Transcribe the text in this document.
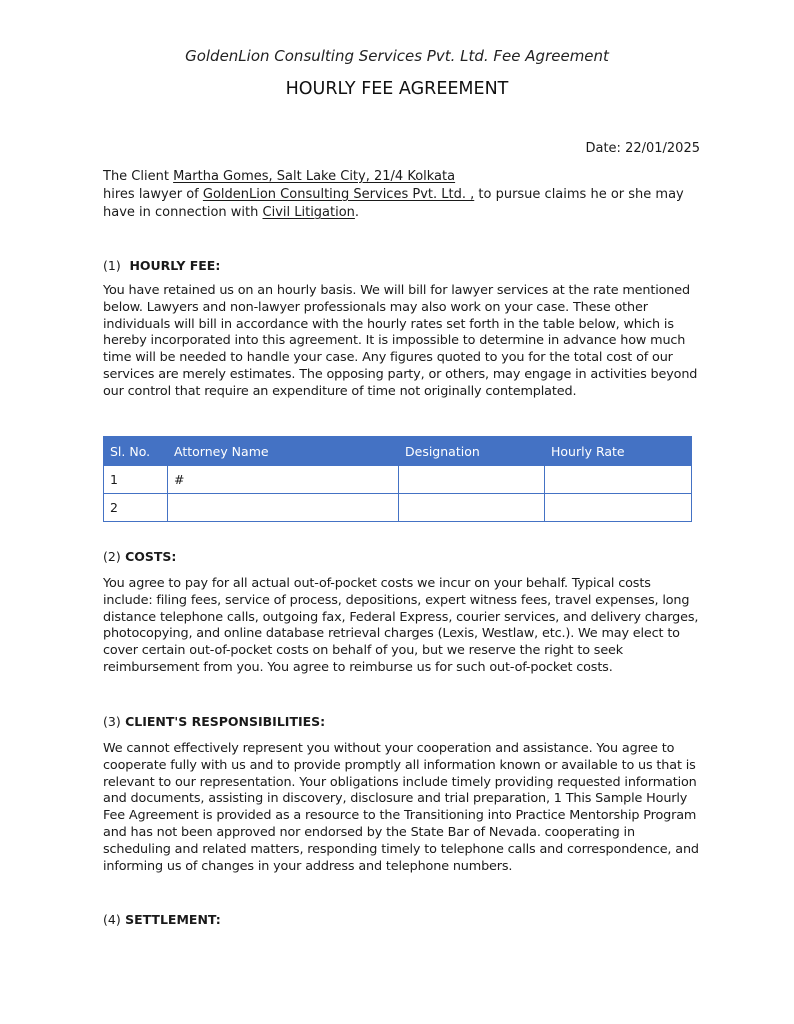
GoldenLion Consulting Services Pvt. Ltd. Fee Agreement
HOURLY FEE AGREEMENT
Date: 22/01/2025
The Client Martha Gomes, Salt Lake City, 21/4 Kolkata
hires lawyer of GoldenLion Consulting Services Pvt. Ltd. , to pursue claims he or she may have in connection with Civil Litigation.
(1) HOURLY FEE:
You have retained us on an hourly basis. We will bill for lawyer services at the rate mentioned below. Lawyers and non-lawyer professionals may also work on your case. These other individuals will bill in accordance with the hourly rates set forth in the table below, which is hereby incorporated into this agreement. It is impossible to determine in advance how much time will be needed to handle your case. Any figures quoted to you for the total cost of our services are merely estimates. The opposing party, or others, may engage in activities beyond our control that require an expenditure of time not originally contemplated.
Sl. No.	Attorney Name	Designation	Hourly Rate
1	#		
2			
(2) COSTS:
You agree to pay for all actual out-of-pocket costs we incur on your behalf. Typical costs include: filing fees, service of process, depositions, expert witness fees, travel expenses, long distance telephone calls, outgoing fax, Federal Express, courier services, and delivery charges, photocopying, and online database retrieval charges (Lexis, Westlaw, etc.). We may elect to cover certain out-of-pocket costs on behalf of you, but we reserve the right to seek reimbursement from you. You agree to reimburse us for such out-of-pocket costs.
(3) CLIENT'S RESPONSIBILITIES:
We cannot effectively represent you without your cooperation and assistance. You agree to cooperate fully with us and to provide promptly all information known or available to us that is relevant to our representation. Your obligations include timely providing requested information and documents, assisting in discovery, disclosure and trial preparation, 1 This Sample Hourly Fee Agreement is provided as a resource to the Transitioning into Practice Mentorship Program and has not been approved nor endorsed by the State Bar of Nevada. cooperating in scheduling and related matters, responding timely to telephone calls and correspondence, and informing us of changes in your address and telephone numbers.
(4) SETTLEMENT:
